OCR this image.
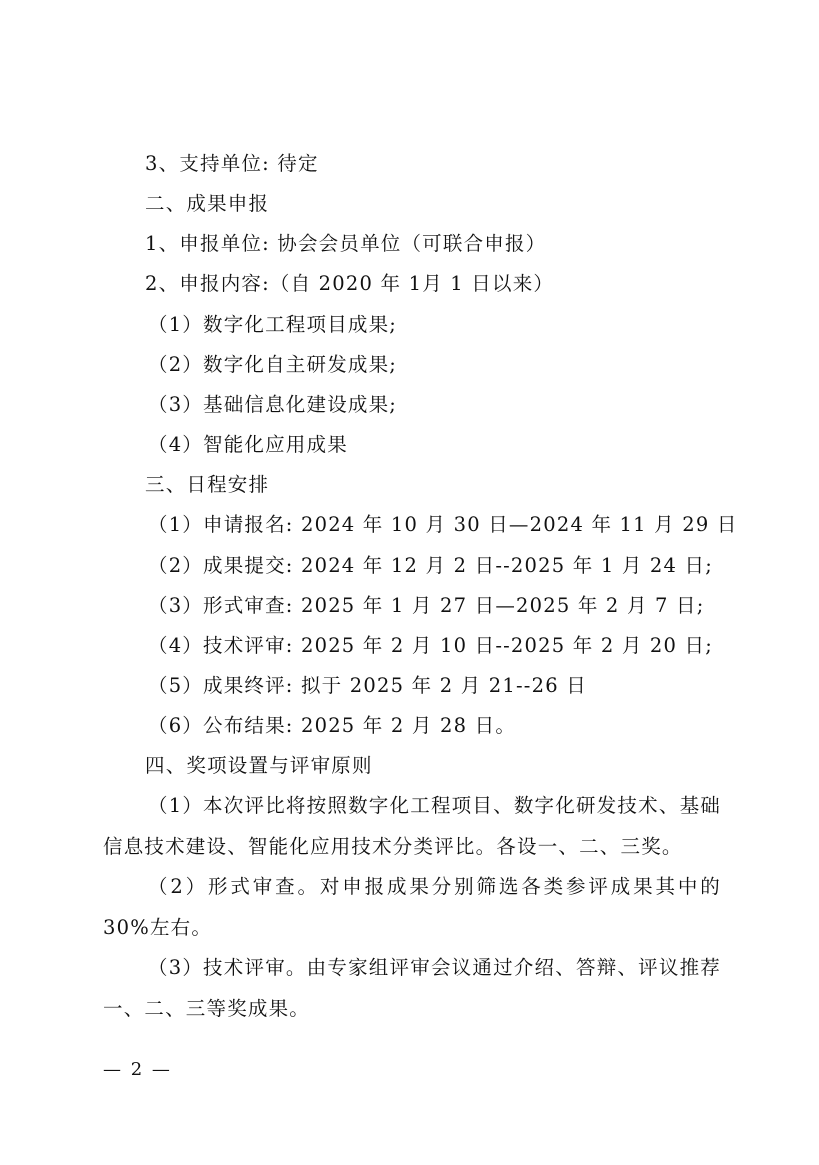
3、支持单位: 待定
二、成果申报
1、申报单位: 协会会员单位（可联合申报）
2、申报内容:（自 2020 年 1月 1 日以来）
（1）数字化工程项目成果;
（2）数字化自主研发成果;
（3）基础信息化建设成果;
（4）智能化应用成果
三、日程安排
（1）申请报名: 2024 年 10 月 30 日—2024 年 11 月 29 日
（2）成果提交: 2024 年 12 月 2 日--2025 年 1 月 24 日;
（3）形式审查: 2025 年 1 月 27 日—2025 年 2 月 7 日;
（4）技术评审: 2025 年 2 月 10 日--2025 年 2 月 20 日;
（5）成果终评: 拟于 2025 年 2 月 21--26 日
（6）公布结果: 2025 年 2 月 28 日。
四、奖项设置与评审原则
（1）本次评比将按照数字化工程项目、数字化研发技术、基础信息技术建设、智能化应用技术分类评比。各设一、二、三奖。
（2）形式审查。对申报成果分别筛选各类参评成果其中的 30%左右。
（3）技术评审。由专家组评审会议通过介绍、答辩、评议推荐一、二、三等奖成果。
— 2 —
